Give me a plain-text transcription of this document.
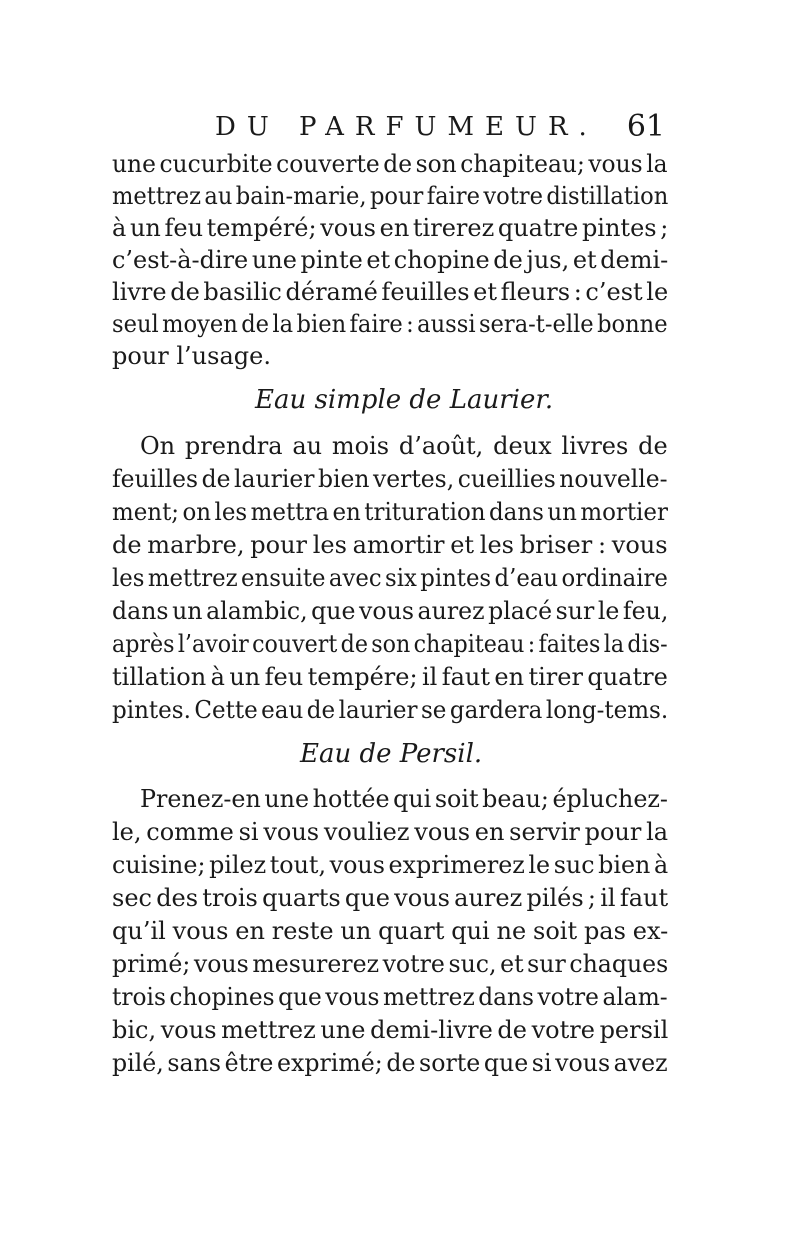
DU PARFUMEUR. 61
une cucurbite couverte de son chapiteau; vous la
mettrez au bain-marie, pour faire votre distillation
à un feu tempéré; vous en tirerez quatre pintes ;
c’est-à-dire une pinte et chopine de jus, et demi-
livre de basilic déramé feuilles et fleurs : c’est le
seul moyen de la bien faire : aussi sera-t-elle bonne
pour l’usage.
Eau simple de Laurier.
On prendra au mois d’août, deux livres de
feuilles de laurier bien vertes, cueillies nouvelle-
ment; on les mettra en trituration dans un mortier
de marbre, pour les amortir et les briser : vous
les mettrez ensuite avec six pintes d’eau ordinaire
dans un alambic, que vous aurez placé sur le feu,
après l’avoir couvert de son chapiteau : faites la dis-
tillation à un feu tempére; il faut en tirer quatre
pintes. Cette eau de laurier se gardera long-tems.
Eau de Persil.
Prenez-en une hottée qui soit beau; épluchez-
le, comme si vous vouliez vous en servir pour la
cuisine; pilez tout, vous exprimerez le suc bien à
sec des trois quarts que vous aurez pilés ; il faut
qu’il vous en reste un quart qui ne soit pas ex-
primé; vous mesurerez votre suc, et sur chaques
trois chopines que vous mettrez dans votre alam-
bic, vous mettrez une demi-livre de votre persil
pilé, sans être exprimé; de sorte que si vous avez
